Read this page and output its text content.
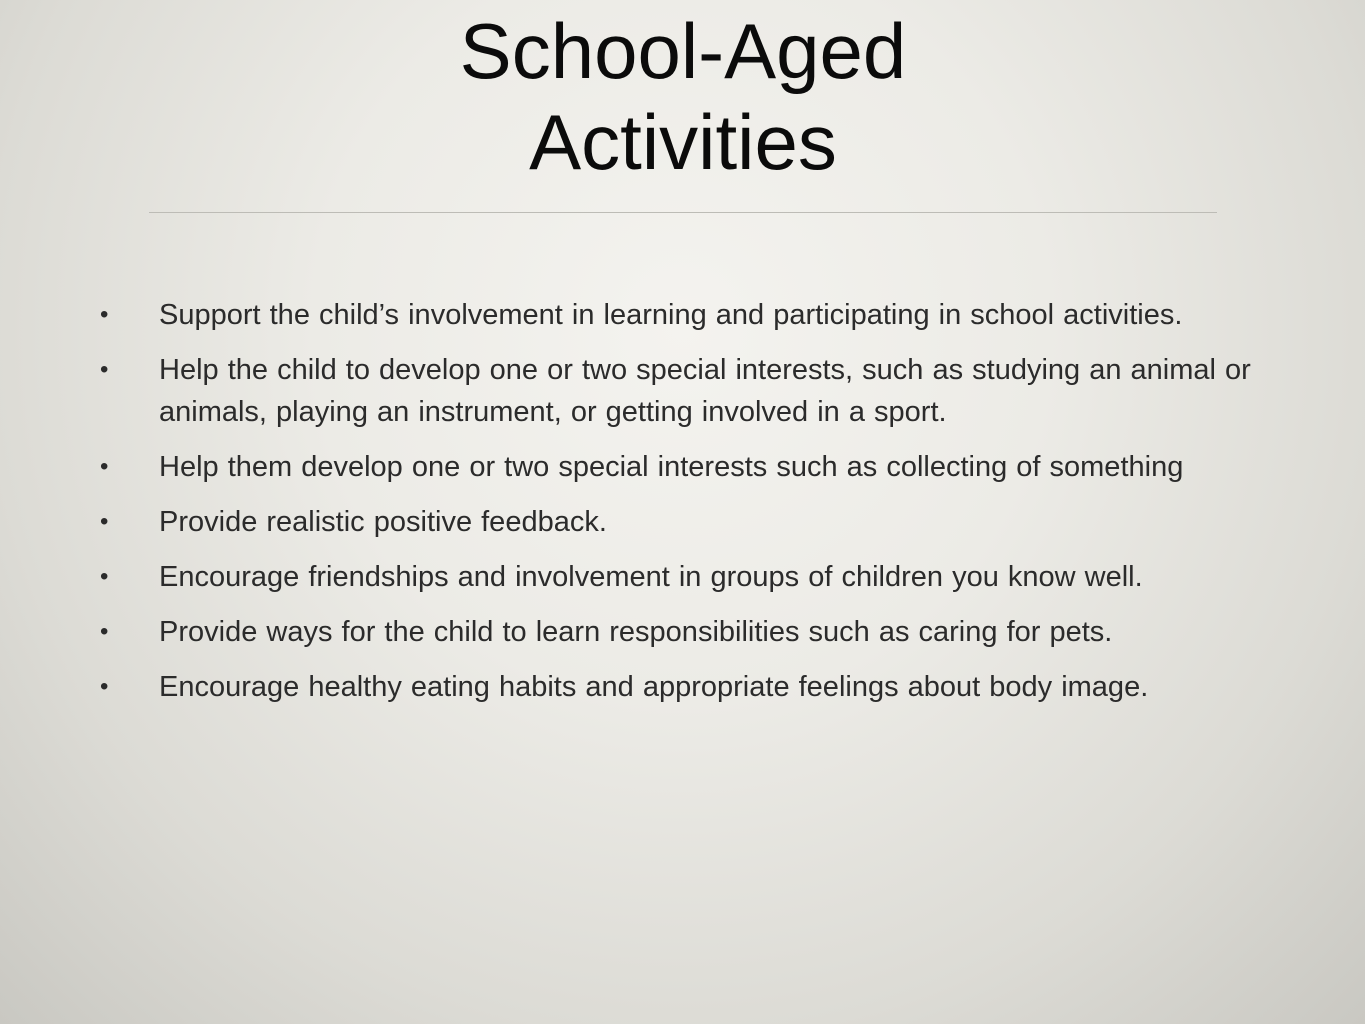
School-Aged
Activities
•	Support the child’s involvement in learning and participating in school activities.
•	Help the child to develop one or two special interests, such as studying an animal or animals, playing an instrument, or getting involved in a sport.
•	Help them develop one or two special interests such as collecting of something
•	Provide realistic positive feedback.
•	Encourage friendships and involvement in groups of children you know well.
•	Provide ways for the child to learn responsibilities such as caring for pets.
•	Encourage healthy eating habits and appropriate feelings about body image.
